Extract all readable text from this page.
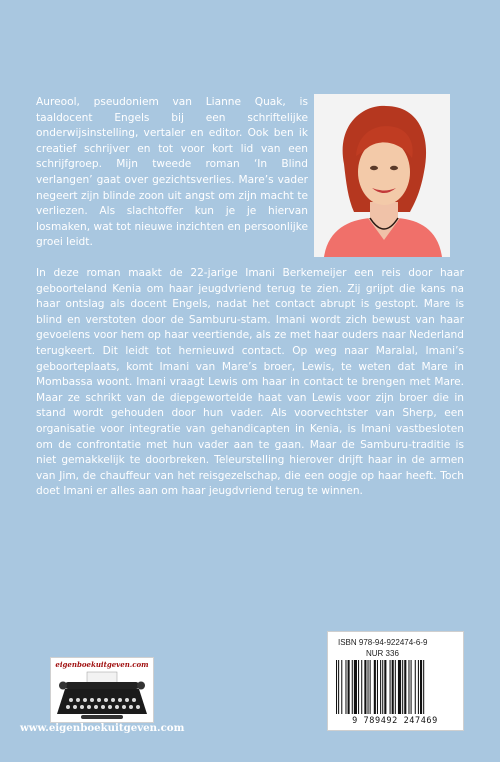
Aureool, pseudoniem van Lianne Quak, is taaldocent Engels bij een schriftelijke onderwijsinstelling, vertaler en editor. Ook ben ik creatief schrijver en tot voor kort lid van een schrijfgroep. Mijn tweede roman ‘In Blind verlangen’ gaat over gezichtsverlies. Mare’s vader negeert zijn blinde zoon uit angst om zijn macht te verliezen. Als slachtoffer kun je je hiervan losmaken, wat tot nieuwe inzichten en persoonlijke groei leidt.

In deze roman maakt de 22-jarige Imani Berkemeijer een reis door haar geboorteland Kenia om haar jeugdvriend terug te zien. Zij grijpt die kans na haar ontslag als docent Engels, nadat het contact abrupt is gestopt. Mare is blind en verstoten door de Samburu-stam. Imani wordt zich bewust van haar gevoelens voor hem op haar veertiende, als ze met haar ouders naar Nederland terugkeert. Dit leidt tot hernieuwd contact. Op weg naar Maralal, Imani’s geboorteplaats, komt Imani van Mare’s broer, Lewis, te weten dat Mare in Mombassa woont. Imani vraagt Lewis om haar in contact te brengen met Mare. Maar ze schrikt van de diepgewortelde haat van Lewis voor zijn broer die in stand wordt gehouden door hun vader. Als voorvechtster van Sherp, een organisatie voor integratie van gehandicapten in Kenia, is Imani vastbesloten om de confrontatie met hun vader aan te gaan. Maar de Samburu-traditie is niet gemakkelijk te doorbreken. Teleurstelling hierover drijft haar in de armen van Jim, de chauffeur van het reisgezelschap, die een oogje op haar heeft. Toch doet Imani er alles aan om haar jeugdvriend terug te winnen.

ISBN 978-94-922474-6-9
NUR 336
9 789492 247469
eigenboekuitgeven.com

www.eigenboekuitgeven.com
